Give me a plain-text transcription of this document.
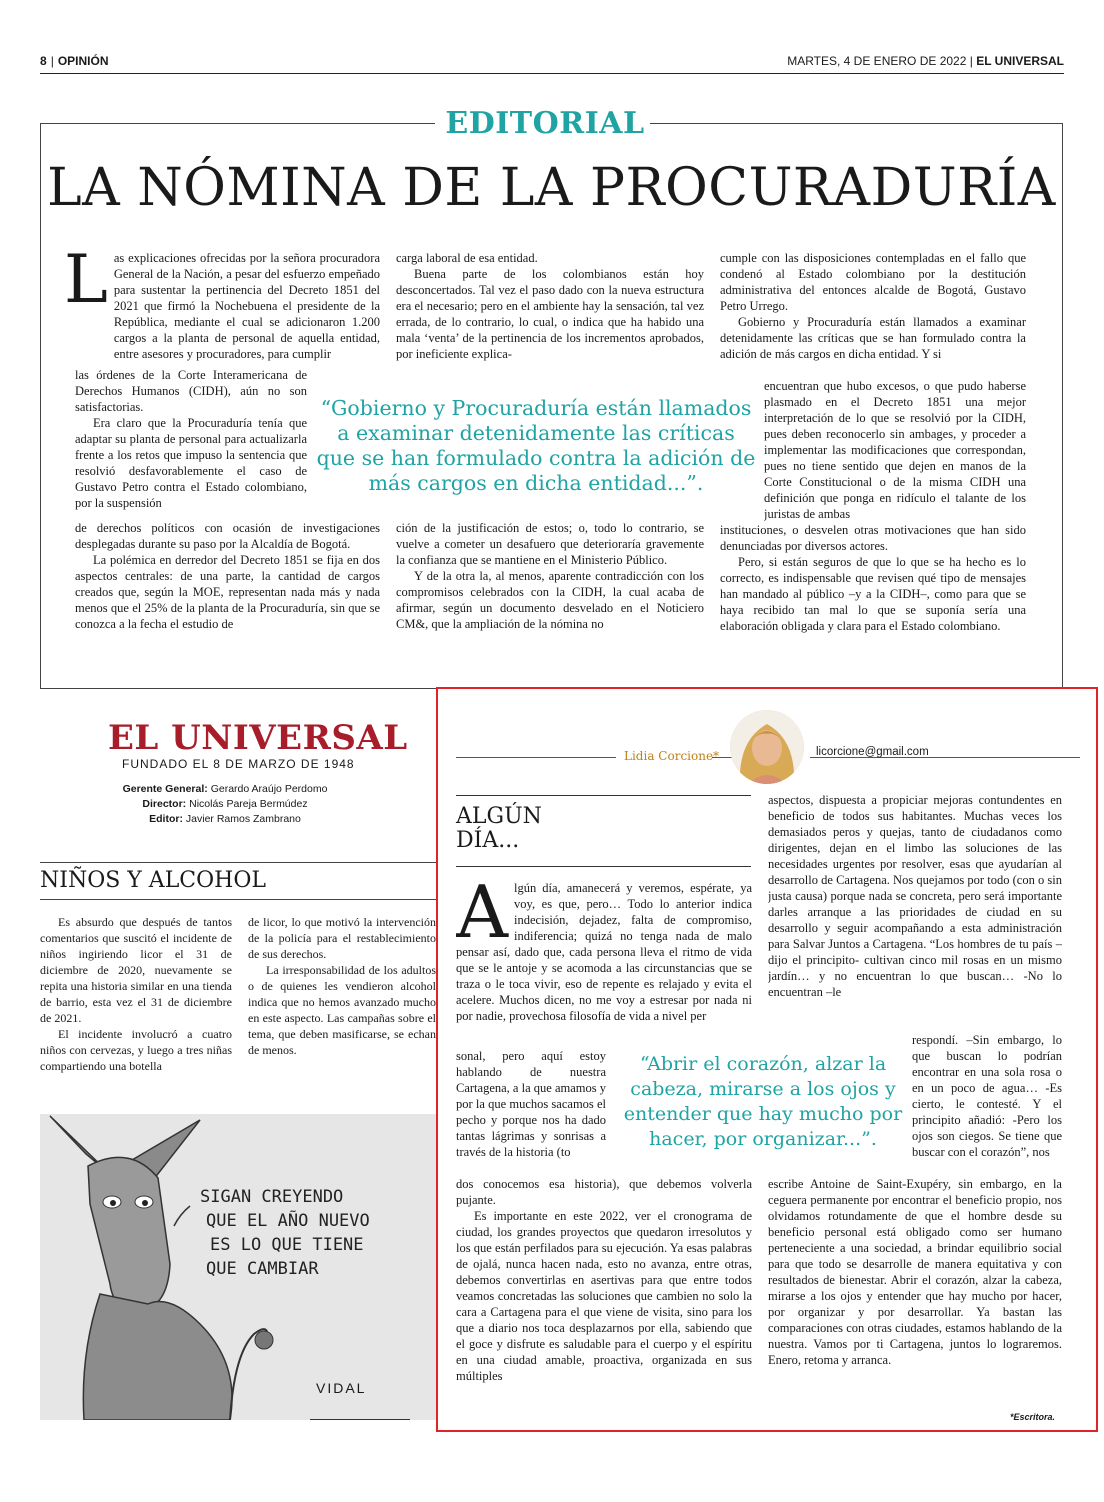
8 | OPINIÓN	MARTES, 4 DE ENERO DE 2022 | EL UNIVERSAL
EDITORIAL
LA NÓMINA DE LA PROCURADURÍA
L as explicaciones ofrecidas por la señora procuradora General de la Nación, a pesar del esfuerzo empeñado para sustentar la pertinencia del Decreto 1851 del 2021 que firmó la Nochebuena el presidente de la República, mediante el cual se adicionaron 1.200 cargos a la planta de personal de aquella entidad, entre asesores y procuradores, para cumplir
las órdenes de la Corte Interamericana de Derechos Humanos (CIDH), aún no son satisfactorias.

Era claro que la Procuraduría tenía que adaptar su planta de personal para actualizarla frente a los retos que impuso la sentencia que resolvió desfavorablemente el caso de Gustavo Petro contra el Estado colombiano, por la suspensión

de derechos políticos con ocasión de investigaciones desplegadas durante su paso por la Alcaldía de Bogotá.

La polémica en derredor del Decreto 1851 se fija en dos aspectos centrales: de una parte, la cantidad de cargos creados que, según la MOE, representan nada más y nada menos que el 25% de la planta de la Procuraduría, sin que se conozca a la fecha el estudio de

carga laboral de esa entidad.

Buena parte de los colombianos están hoy desconcertados. Tal vez el paso dado con la nueva estructura era el necesario; pero en el ambiente hay la sensación, tal vez errada, de lo contrario, lo cual, o indica que ha habido una mala ‘venta’ de la pertinencia de los incrementos aprobados, por ineficiente explica-

ción de la justificación de estos; o, todo lo contrario, se vuelve a cometer un desafuero que deterioraría gravemente la confianza que se mantiene en el Ministerio Público.

Y de la otra la, al menos, aparente contradicción con los compromisos celebrados con la CIDH, la cual acaba de afirmar, según un documento desvelado en el Noticiero CM&, que la ampliación de la nómina no

cumple con las disposiciones contempladas en el fallo que condenó al Estado colombiano por la destitución administrativa del entonces alcalde de Bogotá, Gustavo Petro Urrego.

Gobierno y Procuraduría están llamados a examinar detenidamente las críticas que se han formulado contra la adición de más cargos en dicha entidad. Y si

encuentran que hubo excesos, o que pudo haberse plasmado en el Decreto 1851 una mejor interpretación de lo que se resolvió por la CIDH, pues deben reconocerlo sin ambages, y proceder a implementar las modificaciones que correspondan, pues no tiene sentido que dejen en manos de la Corte Constitucional o de la misma CIDH una definición que ponga en ridículo el talante de los juristas de ambas

instituciones, o desvelen otras motivaciones que han sido denunciadas por diversos actores.

Pero, si están seguros de que lo que se ha hecho es lo correcto, es indispensable que revisen qué tipo de mensajes han mandado al público –y a la CIDH–, como para que se haya recibido tan mal lo que se suponía sería una elaboración obligada y clara para el Estado colombiano.

“Gobierno y Procuraduría están llamados a examinar detenidamente las críticas que se han formulado contra la adición de más cargos en dicha entidad...”.
EL UNIVERSAL
FUNDADO EL 8 DE MARZO DE 1948
Gerente General: Gerardo Araújo Perdomo
Director: Nicolás Pareja Bermúdez
Editor: Javier Ramos Zambrano
NIÑOS Y ALCOHOL

Es absurdo que después de tantos comentarios que suscitó el incidente de niños ingiriendo licor el 31 de diciembre de 2020, nuevamente se repita una historia similar en una tienda de barrio, esta vez el 31 de diciembre de 2021.

El incidente involucró a cuatro niños con cervezas, y luego a tres niñas compartiendo una botella

de licor, lo que motivó la intervención de la policía para el restablecimiento de sus derechos.

La irresponsabilidad de los adultos o de quienes les vendieron alcohol indica que no hemos avanzado mucho en este aspecto. Las campañas sobre el tema, que deben masificarse, se echan de menos.

SIGAN CREYENDO
QUE EL AÑO NUEVO
ES LO QUE TIENE
QUE CAMBIAR
VIDAL
Lidia Corcione*	licorcione@gmail.com
ALGÚN
DÍA...
A lgún día, amanecerá y veremos, espérate, ya voy, es que, pero… Todo lo anterior indica indecisión, dejadez, falta de compromiso, indiferencia; quizá no tenga nada de malo pensar así, dado que, cada persona lleva el ritmo de vida que se le antoje y se acomoda a las circunstancias que se traza o le toca vivir, eso de repente es relajado y evita el acelere. Muchos dicen, no me voy a estresar por nada ni por nadie, provechosa filosofía de vida a nivel per
sonal, pero aquí estoy hablando de nuestra Cartagena, a la que amamos y por la que muchos sacamos el pecho y porque nos ha dado tantas lágrimas y sonrisas a través de la historia (to
dos conocemos esa historia), que debemos volverla pujante.

Es importante en este 2022, ver el cronograma de ciudad, los grandes proyectos que quedaron irresolutos y los que están perfilados para su ejecución. Ya esas palabras de ojalá, nunca hacen nada, esto no avanza, entre otras, debemos convertirlas en asertivas para que entre todos veamos concretadas las soluciones que cambien no solo la cara a Cartagena para el que viene de visita, sino para los que a diario nos toca desplazarnos por ella, sabiendo que el goce y disfrute es saludable para el cuerpo y el espíritu en una ciudad amable, proactiva, organizada en sus múltiples

aspectos, dispuesta a propiciar mejoras contundentes en beneficio de todos sus habitantes. Muchas veces los demasiados peros y quejas, tanto de ciudadanos como dirigentes, dejan en el limbo las soluciones de las necesidades urgentes por resolver, esas que ayudarían al desarrollo de Cartagena. Nos quejamos por todo (con o sin justa causa) porque nada se concreta, pero será importante darles arranque a las prioridades de ciudad en su desarrollo y seguir acompañando a esta administración para Salvar Juntos a Cartagena. “Los hombres de tu país –dijo el principito- cultivan cinco mil rosas en un mismo jardín… y no encuentran lo que buscan… -No lo encuentran –le
respondí. –Sin embargo, lo que buscan lo podrían encontrar en una sola rosa o en un poco de agua… -Es cierto, le contesté. Y el principito añadió: -Pero los ojos son ciegos. Se tiene que buscar con el corazón”, nos
escribe Antoine de Saint-Exupéry, sin embargo, en la ceguera permanente por encontrar el beneficio propio, nos olvidamos rotundamente de que el hombre desde su beneficio personal está obligado como ser humano perteneciente a una sociedad, a brindar equilibrio social para que todo se desarrolle de manera equitativa y con resultados de bienestar. Abrir el corazón, alzar la cabeza, mirarse a los ojos y entender que hay mucho por hacer, por organizar y por desarrollar. Ya bastan las comparaciones con otras ciudades, estamos hablando de la nuestra. Vamos por ti Cartagena, juntos lo lograremos. Enero, retoma y arranca.
“Abrir el corazón, alzar la cabeza, mirarse a los ojos y entender que hay mucho por hacer, por organizar...”.
*Escritora.
